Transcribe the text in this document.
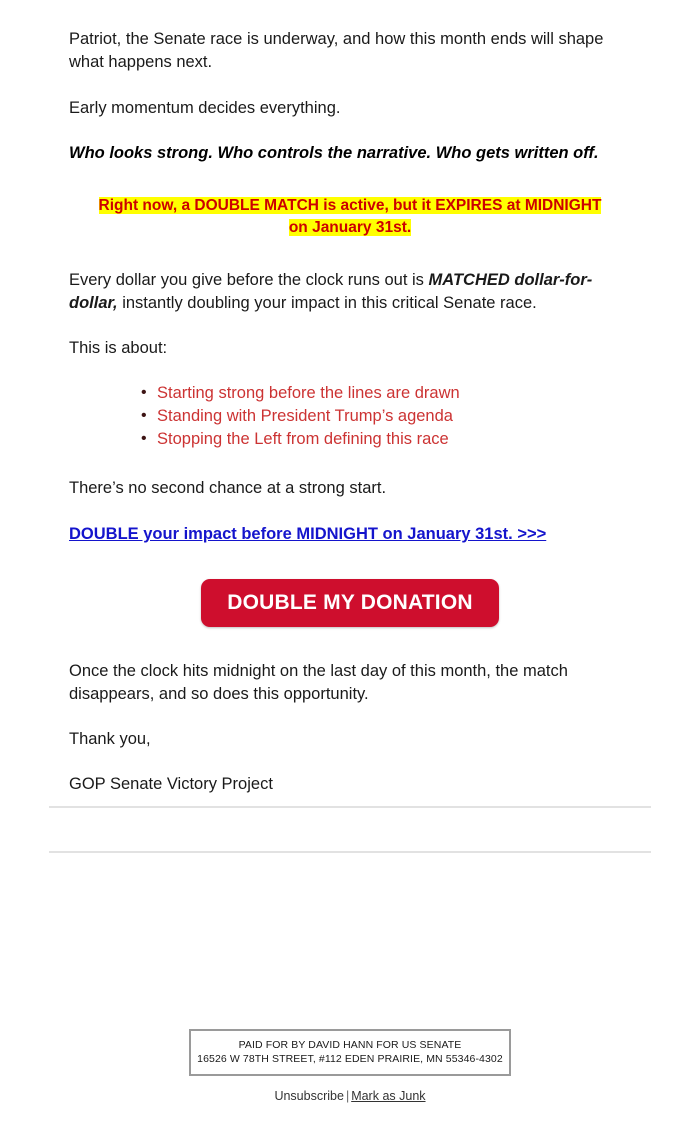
Patriot, the Senate race is underway, and how this month ends will shape what happens next.

Early momentum decides everything.

Who looks strong. Who controls the narrative. Who gets written off.

Right now, a DOUBLE MATCH is active, but it EXPIRES at MIDNIGHT on January 31st.

Every dollar you give before the clock runs out is MATCHED dollar-for-dollar, instantly doubling your impact in this critical Senate race.

This is about:

• Starting strong before the lines are drawn
• Standing with President Trump’s agenda
• Stopping the Left from defining this race

There’s no second chance at a strong start.

DOUBLE your impact before MIDNIGHT on January 31st. >>>

DOUBLE MY DONATION

Once the clock hits midnight on the last day of this month, the match disappears, and so does this opportunity.

Thank you,

GOP Senate Victory Project

PAID FOR BY DAVID HANN FOR US SENATE
16526 W 78TH STREET, #112 EDEN PRAIRIE, MN 55346-4302
Unsubscribe | Mark as Junk
